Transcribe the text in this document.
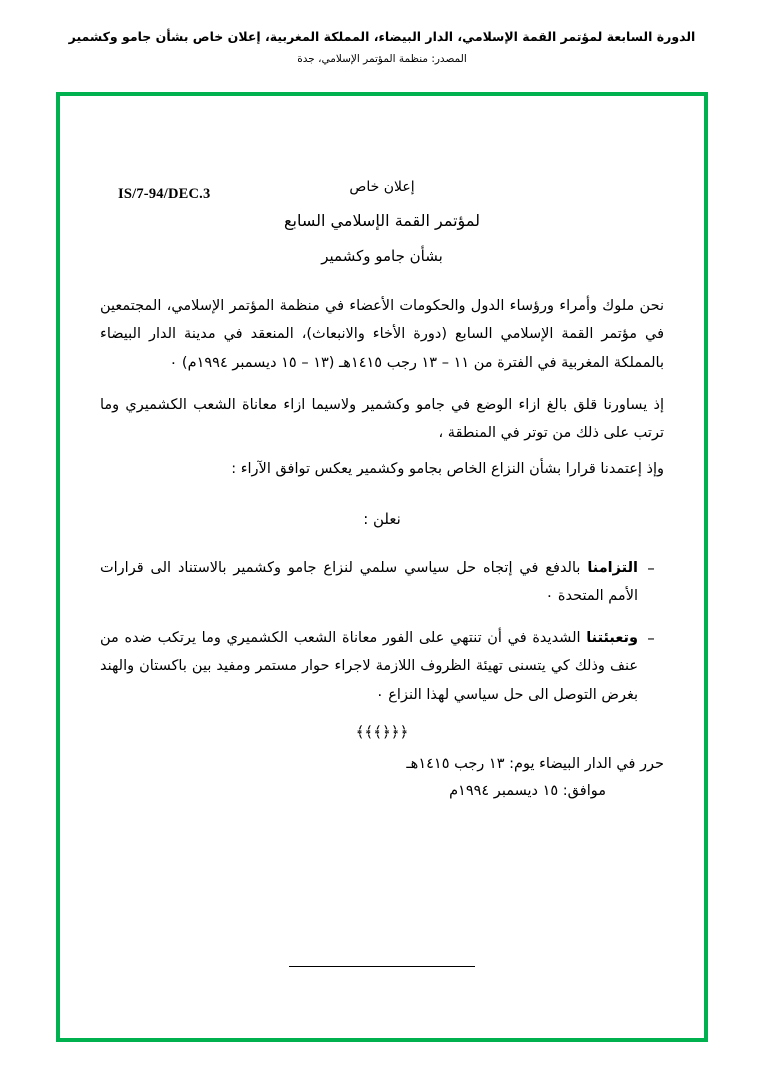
الدورة السابعة لمؤتمر القمة الإسلامي، الدار البيضاء، المملكة المغربية، إعلان خاص بشأن جامو وكشمير
المصدر: منظمة المؤتمر الإسلامي، جدة
IS/7-94/DEC.3	إعلان خاص
لمؤتمر القمة الإسلامي السابع
بشأن جامو وكشمير

نحن ملوك وأمراء ورؤساء الدول والحكومات الأعضاء في منظمة المؤتمر الإسلامي، المجتمعين في مؤتمر القمة الإسلامي السابع (دورة الأخاء والانبعاث)، المنعقد في مدينة الدار البيضاء بالمملكة المغربية في الفترة من ١١ – ١٣ رجب ١٤١٥هـ (١٣ – ١٥ ديسمبر ١٩٩٤م) ٠

إذ يساورنا قلق بالغ ازاء الوضع في جامو وكشمير ولاسيما ازاء معاناة الشعب الكشميري وما ترتب على ذلك من توتر في المنطقة ،

وإذ إعتمدنا قرارا بشأن النزاع الخاص بجامو وكشمير يعكس توافق الآراء :

نعلن :
–
التزامنا بالدفع في إتجاه حل سياسي سلمي لنزاع جامو وكشمير بالاستناد الى قرارات الأمم المتحدة ٠
–
وتعبئتنا الشديدة في أن تنتهي على الفور معاناة الشعب الكشميري وما يرتكب ضده من عنف وذلك كي يتسنى تهيئة الظروف اللازمة لاجراء حوار مستمر ومفيد بين باكستان والهند بغرض التوصل الى حل سياسي لهذا النزاع ٠
﴿﴿﴿﴾﴾﴾
حرر في الدار البيضاء يوم: ١٣ رجب ١٤١٥هـ
موافق: ١٥ ديسمبر ١٩٩٤م
